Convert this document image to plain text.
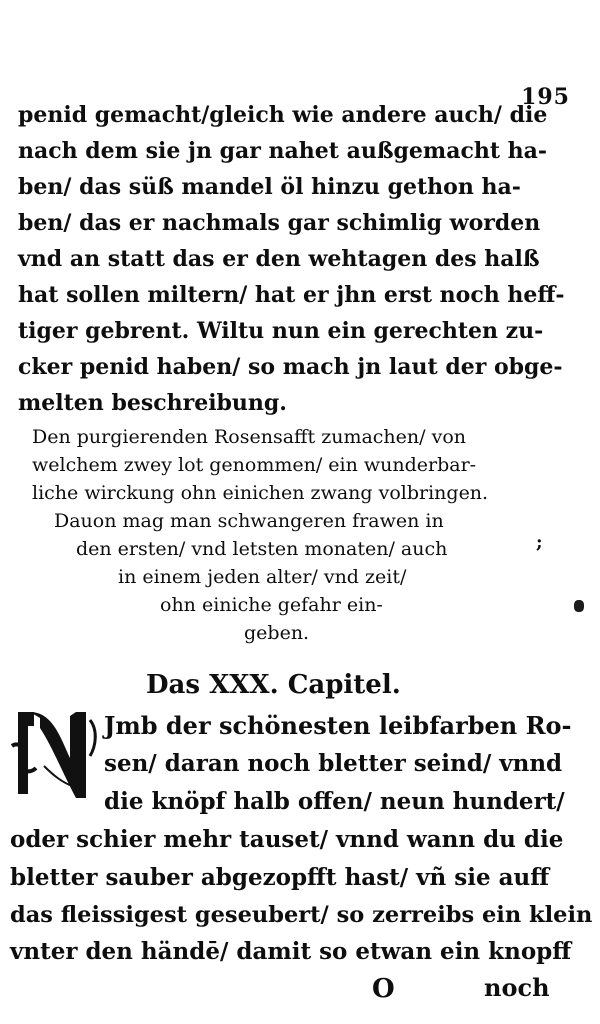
195
penid gemacht/gleich wie andere auch/ die
nach dem sie jn gar nahet außgemacht ha-
ben/ das süß mandel öl hinzu gethon ha-
ben/ das er nachmals gar schimlig worden
vnd an statt das er den wehtagen des halß
hat sollen miltern/ hat er jhn erst noch heff-
tiger gebrent. Wiltu nun ein gerechten zu-
cker penid haben/ so mach jn laut der obge-
melten beschreibung.
Den purgierenden Rosensafft zumachen/ von
welchem zwey lot genommen/ ein wunderbar-
liche wirckung ohn einichen zwang volbringen.
Dauon mag man schwangeren frawen in
den ersten/ vnd letsten monaten/ auch
in einem jeden alter/ vnd zeit/
ohn einiche gefahr ein-
geben.
;
Das XXX. Capitel.
Jmb der schönesten leibfarben Ro-
sen/ daran noch bletter seind/ vnnd
die knöpf halb offen/ neun hundert/
oder schier mehr tauset/ vnnd wann du die
bletter sauber abgezopfft hast/ vñ sie auff
das fleissigest geseubert/ so zerreibs ein klein
vnter den händē/ damit so etwan ein knopff
O	noch
